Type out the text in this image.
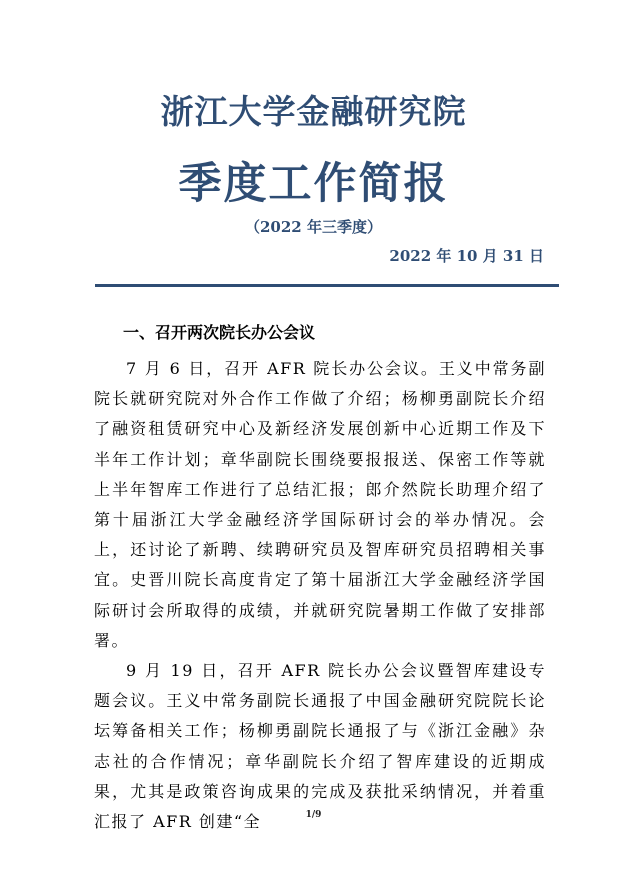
浙江大学金融研究院
季度工作简报
（2022 年三季度）
2022 年 10 月 31 日
一、召开两次院长办公会议

7 月 6 日，召开 AFR 院长办公会议。王义中常务副院长就研究院对外合作工作做了介绍；杨柳勇副院长介绍了融资租赁研究中心及新经济发展创新中心近期工作及下半年工作计划；章华副院长围绕要报报送、保密工作等就上半年智库工作进行了总结汇报；郎介然院长助理介绍了第十届浙江大学金融经济学国际研讨会的举办情况。会上，还讨论了新聘、续聘研究员及智库研究员招聘相关事宜。史晋川院长高度肯定了第十届浙江大学金融经济学国际研讨会所取得的成绩，并就研究院暑期工作做了安排部署。

9 月 19 日，召开 AFR 院长办公会议暨智库建设专题会议。王义中常务副院长通报了中国金融研究院院长论坛筹备相关工作；杨柳勇副院长通报了与《浙江金融》杂志社的合作情况；章华副院长介绍了智库建设的近期成果，尤其是政策咨询成果的完成及获批采纳情况，并着重汇报了 AFR 创建“全	1/9
